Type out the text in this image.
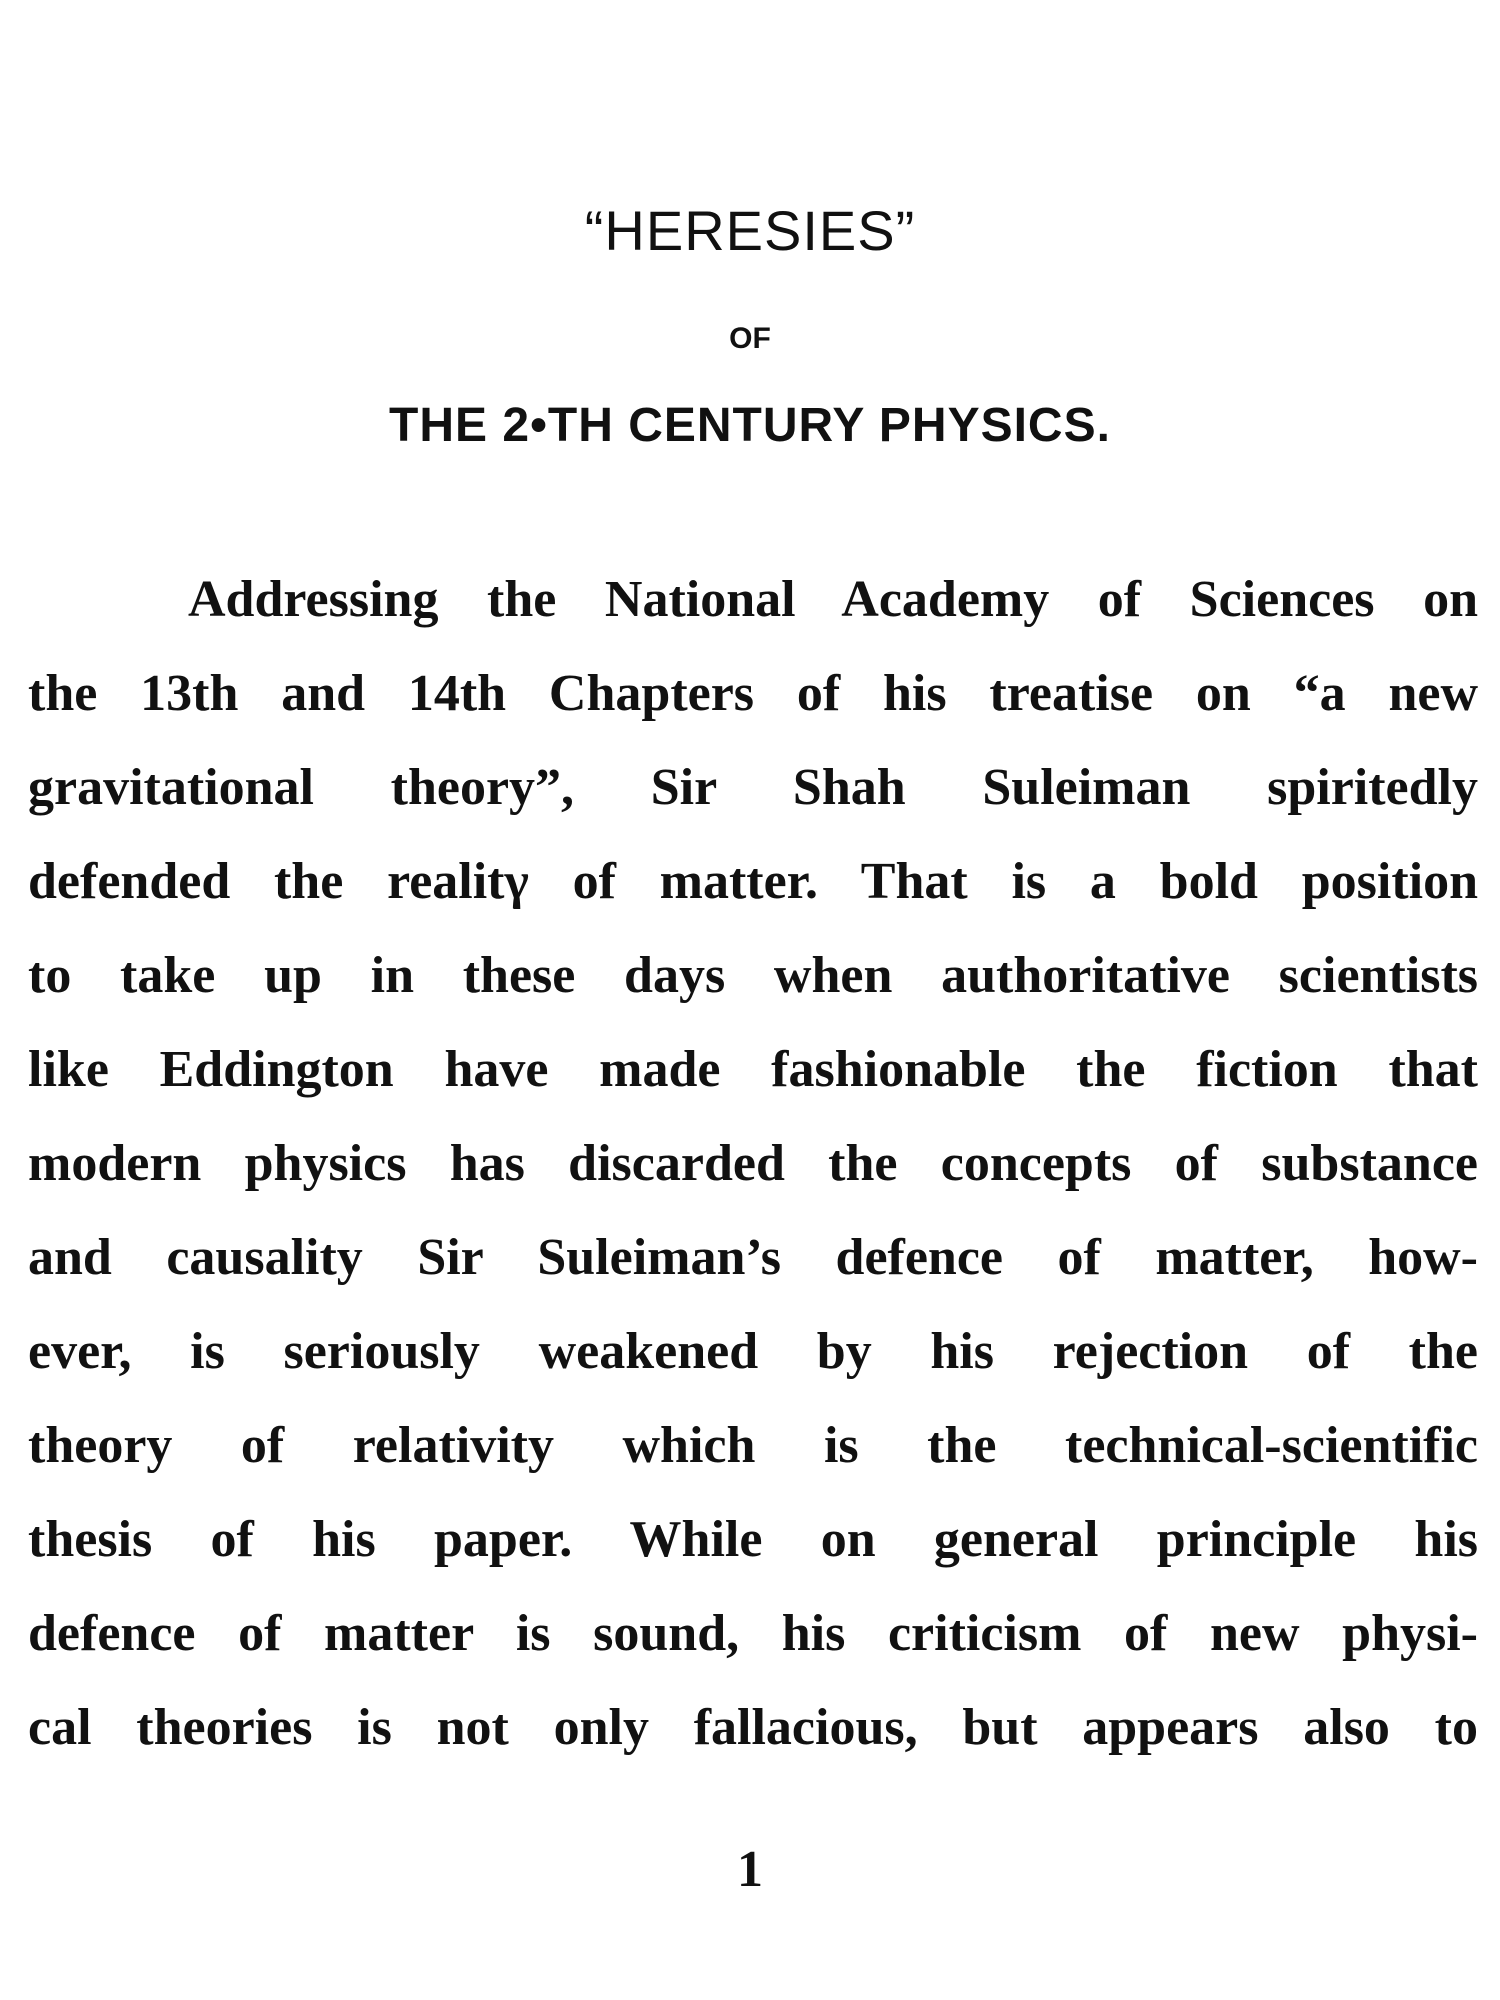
“HERESIES”
OF
THE 2•TH CENTURY PHYSICS.
Addressing the National Academy of Sciences on
the 13th and 14th Chapters of his treatise on “a new
gravitational theory”, Sir Shah Suleiman spiritedly
defended the realitγ of matter. That is a bold position
to take up in these days when authoritative scientists
like Eddington have made fashionable the fiction that
modern physics has discarded the concepts of substance
and causality Sir Suleiman’s defence of matter, how-
ever, is seriously weakened by his rejection of the
theory of relativity which is the technical-scientific
thesis of his paper. While on general principle his
defence of matter is sound, his criticism of new physi-
cal theories is not only fallacious, but appears also to
1
